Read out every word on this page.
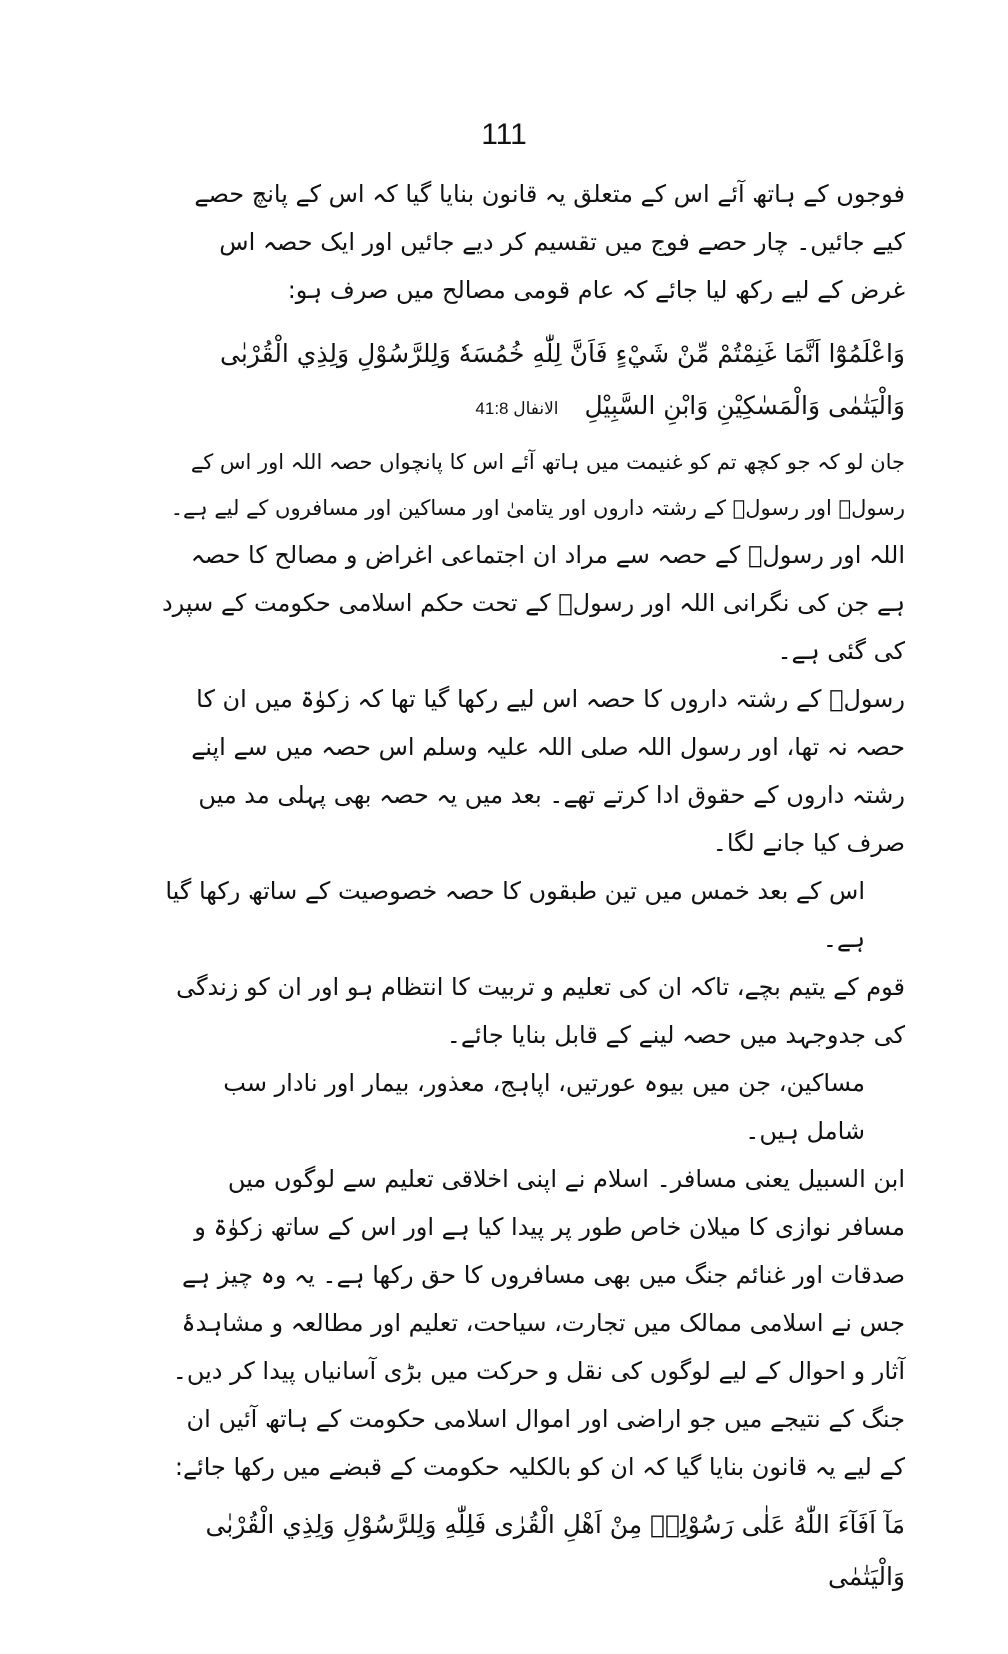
111

فوجوں کے ہاتھ آئے اس کے متعلق یہ قانون بنایا گیا کہ اس کے پانچ حصے کیے جائیں۔ چار حصے فوج میں تقسیم کر دیے جائیں اور ایک حصہ اس غرض کے لیے رکھ لیا جائے کہ عام قومی مصالح میں صرف ہو:

وَاعْلَمُوْٓا اَنَّمَا غَنِمْتُمْ مِّنْ شَيْءٍ فَاَنَّ لِلّٰهِ خُمُسَهٗ وَلِلرَّسُوْلِ وَلِذِي الْقُرْبٰى وَالْيَتٰمٰى وَالْمَسٰكِيْنِ وَابْنِ السَّبِيْلِ الانفال 41:8

جان لو کہ جو کچھ تم کو غنیمت میں ہاتھ آئے اس کا پانچواں حصہ اللہ اور اس کے رسولؐ اور رسولؐ کے رشتہ داروں اور یتامیٰ اور مساکین اور مسافروں کے لیے ہے۔

اللہ اور رسولؐ کے حصہ سے مراد ان اجتماعی اغراض و مصالح کا حصہ ہے جن کی نگرانی اللہ اور رسولؐ کے تحت حکم اسلامی حکومت کے سپرد کی گئی ہے۔

رسولؐ کے رشتہ داروں کا حصہ اس لیے رکھا گیا تھا کہ زکوٰۃ میں ان کا حصہ نہ تھا، اور رسول اللہ صلی اللہ علیہ وسلم اس حصہ میں سے اپنے رشتہ داروں کے حقوق ادا کرتے تھے۔ بعد میں یہ حصہ بھی پہلی مد میں صرف کیا جانے لگا۔

اس کے بعد خمس میں تین طبقوں کا حصہ خصوصیت کے ساتھ رکھا گیا ہے۔

قوم کے یتیم بچے، تاکہ ان کی تعلیم و تربیت کا انتظام ہو اور ان کو زندگی کی جدوجہد میں حصہ لینے کے قابل بنایا جائے۔

مساکین، جن میں بیوہ عورتیں، اپاہج، معذور، بیمار اور نادار سب شامل ہیں۔

ابن السبیل یعنی مسافر۔ اسلام نے اپنی اخلاقی تعلیم سے لوگوں میں مسافر نوازی کا میلان خاص طور پر پیدا کیا ہے اور اس کے ساتھ زکوٰۃ و صدقات اور غنائم جنگ میں بھی مسافروں کا حق رکھا ہے۔ یہ وہ چیز ہے جس نے اسلامی ممالک میں تجارت، سیاحت، تعلیم اور مطالعہ و مشاہدۂ آثار و احوال کے لیے لوگوں کی نقل و حرکت میں بڑی آسانیاں پیدا کر دیں۔

جنگ کے نتیجے میں جو اراضی اور اموال اسلامی حکومت کے ہاتھ آئیں ان کے لیے یہ قانون بنایا گیا کہ ان کو بالکلیہ حکومت کے قبضے میں رکھا جائے:

مَآ اَفَآءَ اللّٰهُ عَلٰى رَسُوْلِهٖ مِنْ اَهْلِ الْقُرٰى فَلِلّٰهِ وَلِلرَّسُوْلِ وَلِذِي الْقُرْبٰى وَالْيَتٰمٰى
